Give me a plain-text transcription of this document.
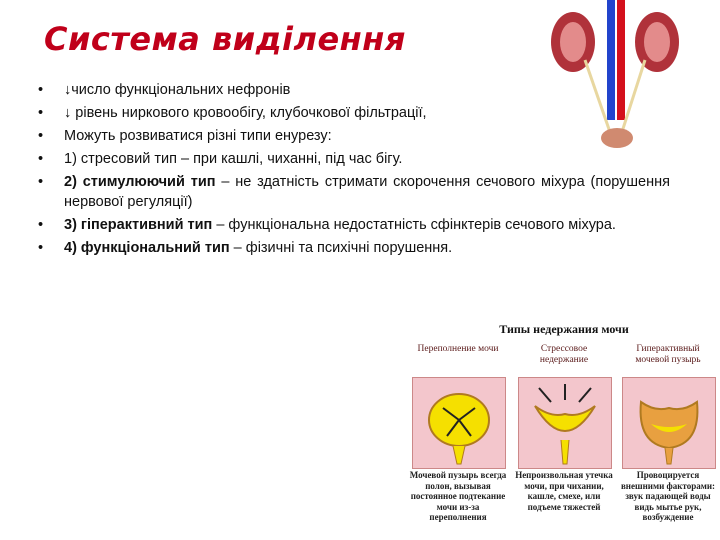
Система виділення
• ↓число функціональних нефронів
• ↓ рівень ниркового кровообігу, клубочкової фільтрації,
• Можуть розвиватися різні типи енурезу:
• 1) стресовий тип – при кашлі, чиханні, під час бігу.
• 2) стимулюючий тип – не здатність стримати скорочення сечового міхура (порушення нервової регуляції)
• 3) гіперактивний тип – функціональна недостатність сфінктерів сечового міхура.
• 4) функціональний тип – фізичні та психічні порушення.
Типы недержания мочи
Переполнение мочи	Стрессовое недержание
Гиперактивный мочевой пузырь
Мочевой пузырь всегда полон, вызывая постоянное подтекание мочи из-за переполнения
Непроизвольная утечка мочи, при чихании, кашле, смехе, или подъеме тяжестей
Провоцируется внешними факторами: звук падающей воды видь мытье рук, возбуждение
